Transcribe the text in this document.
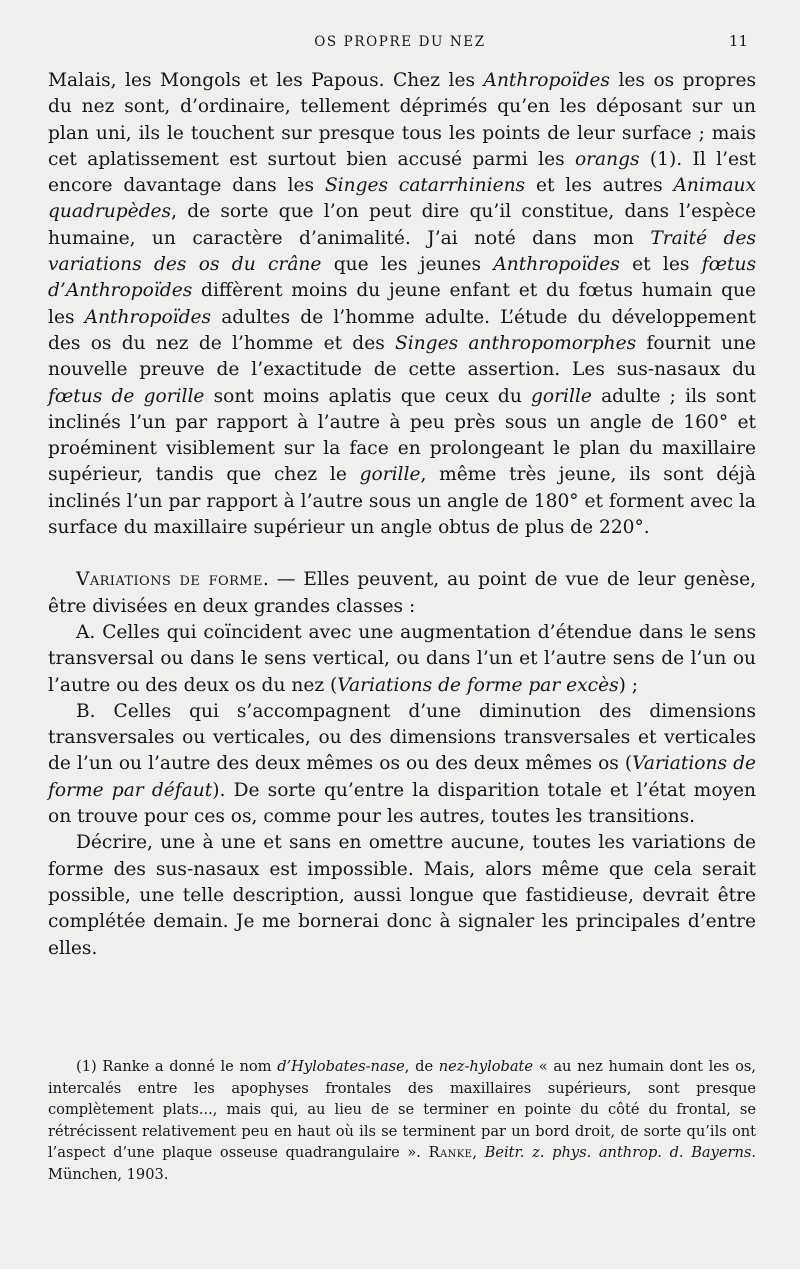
OS PROPRE DU NEZ	11

Malais, les Mongols et les Papous. Chez les Anthropoïdes les os propres du nez sont, d’ordinaire, tellement déprimés qu’en les déposant sur un plan uni, ils le touchent sur presque tous les points de leur surface ; mais cet aplatissement est surtout bien accusé parmi les orangs (1). Il l’est encore davantage dans les Singes catarrhiniens et les autres Animaux quadrupèdes, de sorte que l’on peut dire qu’il constitue, dans l’espèce humaine, un caractère d’animalité. J’ai noté dans mon Traité des variations des os du crâne que les jeunes Anthropoïdes et les fœtus d’Anthropoïdes diffèrent moins du jeune enfant et du fœtus humain que les Anthropoïdes adultes de l’homme adulte. L’étude du développement des os du nez de l’homme et des Singes anthropomorphes fournit une nouvelle preuve de l’exactitude de cette assertion. Les sus-nasaux du fœtus de gorille sont moins aplatis que ceux du gorille adulte ; ils sont inclinés l’un par rapport à l’autre à peu près sous un angle de 160° et proéminent visiblement sur la face en prolongeant le plan du maxillaire supérieur, tandis que chez le gorille, même très jeune, ils sont déjà inclinés l’un par rapport à l’autre sous un angle de 180° et forment avec la surface du maxillaire supérieur un angle obtus de plus de 220°.

Variations de forme. — Elles peuvent, au point de vue de leur genèse, être divisées en deux grandes classes :

A. Celles qui coïncident avec une augmentation d’étendue dans le sens transversal ou dans le sens vertical, ou dans l’un et l’autre sens de l’un ou l’autre ou des deux os du nez (Variations de forme par excès) ;

B. Celles qui s’accompagnent d’une diminution des dimensions transversales ou verticales, ou des dimensions transversales et verticales de l’un ou l’autre des deux mêmes os ou des deux mêmes os (Variations de forme par défaut). De sorte qu’entre la disparition totale et l’état moyen on trouve pour ces os, comme pour les autres, toutes les transitions.

Décrire, une à une et sans en omettre aucune, toutes les variations de forme des sus-nasaux est impossible. Mais, alors même que cela serait possible, une telle description, aussi longue que fastidieuse, devrait être complétée demain. Je me bornerai donc à signaler les principales d’entre elles.

(1) Ranke a donné le nom d’Hylobates-nase, de nez-hylobate « au nez humain dont les os, intercalés entre les apophyses frontales des maxillaires supérieurs, sont presque complètement plats..., mais qui, au lieu de se terminer en pointe du côté du frontal, se rétrécissent relativement peu en haut où ils se terminent par un bord droit, de sorte qu’ils ont l’aspect d’une plaque osseuse quadrangulaire ». Ranke, Beitr. z. phys. anthrop. d. Bayerns. München, 1903.
